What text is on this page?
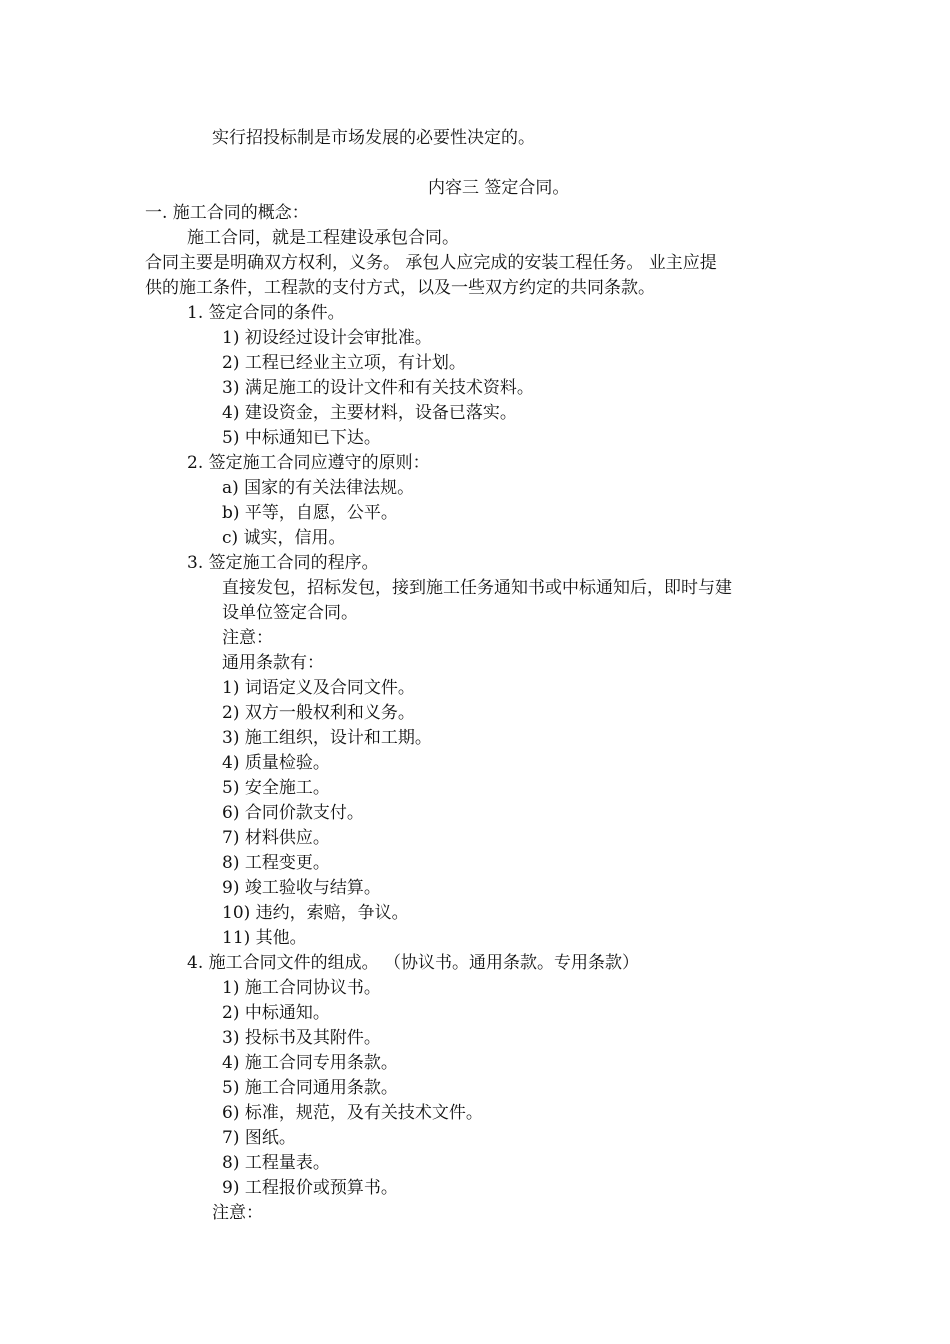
实行招投标制是市场发展的必要性决定的。
内容三 签定合同。
一. 施工合同的概念：
施工合同，就是工程建设承包合同。
合同主要是明确双方权利，义务。 承包人应完成的安装工程任务。 业主应提
供的施工条件，工程款的支付方式，以及一些双方约定的共同条款。
1. 签定合同的条件。
1) 初设经过设计会审批准。
2) 工程已经业主立项，有计划。
3) 满足施工的设计文件和有关技术资料。
4) 建设资金，主要材料，设备已落实。
5) 中标通知已下达。
2. 签定施工合同应遵守的原则：
a) 国家的有关法律法规。
b) 平等，自愿，公平。
c) 诚实，信用。
3. 签定施工合同的程序。
直接发包，招标发包，接到施工任务通知书或中标通知后，即时与建
设单位签定合同。
注意：
通用条款有：
1) 词语定义及合同文件。
2) 双方一般权利和义务。
3) 施工组织，设计和工期。
4) 质量检验。
5) 安全施工。
6) 合同价款支付。
7) 材料供应。
8) 工程变更。
9) 竣工验收与结算。
10) 违约，索赔，争议。
11) 其他。
4. 施工合同文件的组成。 （协议书。通用条款。专用条款）
1) 施工合同协议书。
2) 中标通知。
3) 投标书及其附件。
4) 施工合同专用条款。
5) 施工合同通用条款。
6) 标准，规范，及有关技术文件。
7) 图纸。
8) 工程量表。
9) 工程报价或预算书。
注意：
